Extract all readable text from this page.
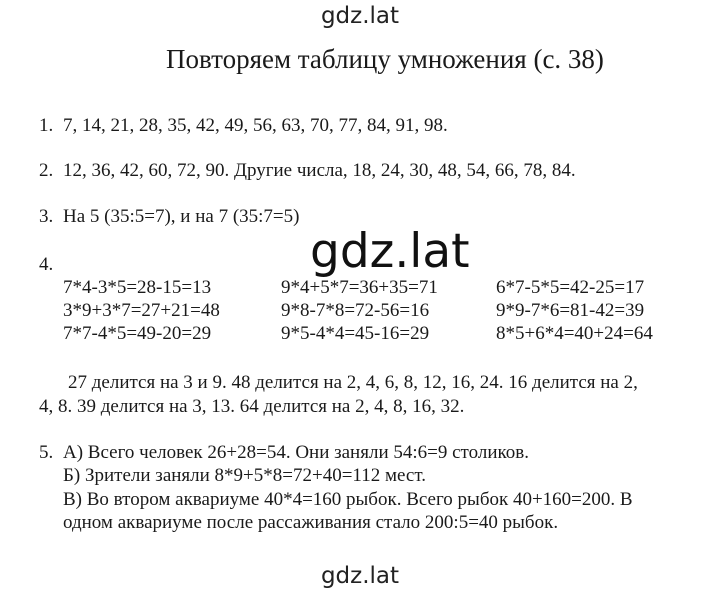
gdz.lat
Повторяем таблицу умножения (с. 38)
1. 7, 14, 21, 28, 35, 42, 49, 56, 63, 70, 77, 84, 91, 98.
2. 12, 36, 42, 60, 72, 90. Другие числа, 18, 24, 30, 48, 54, 66, 78, 84.
3. На 5 (35:5=7), и на 7 (35:7=5)
4.
7*4-3*5=28-15=13
3*9+3*7=27+21=48
7*7-4*5=49-20=29
9*4+5*7=36+35=71
9*8-7*8=72-56=16
9*5-4*4=45-16=29
6*7-5*5=42-25=17
9*9-7*6=81-42=39
8*5+6*4=40+24=64
gdz.lat
27 делится на 3 и 9. 48 делится на 2, 4, 6, 8, 12, 16, 24. 16 делится на 2,
4, 8. 39 делится на 3, 13. 64 делится на 2, 4, 8, 16, 32.
5. А) Всего человек 26+28=54. Они заняли 54:6=9 столиков.
Б) Зрители заняли 8*9+5*8=72+40=112 мест.
В) Во втором аквариуме 40*4=160 рыбок. Всего рыбок 40+160=200. В
одном аквариуме после рассаживания стало 200:5=40 рыбок.
gdz.lat
